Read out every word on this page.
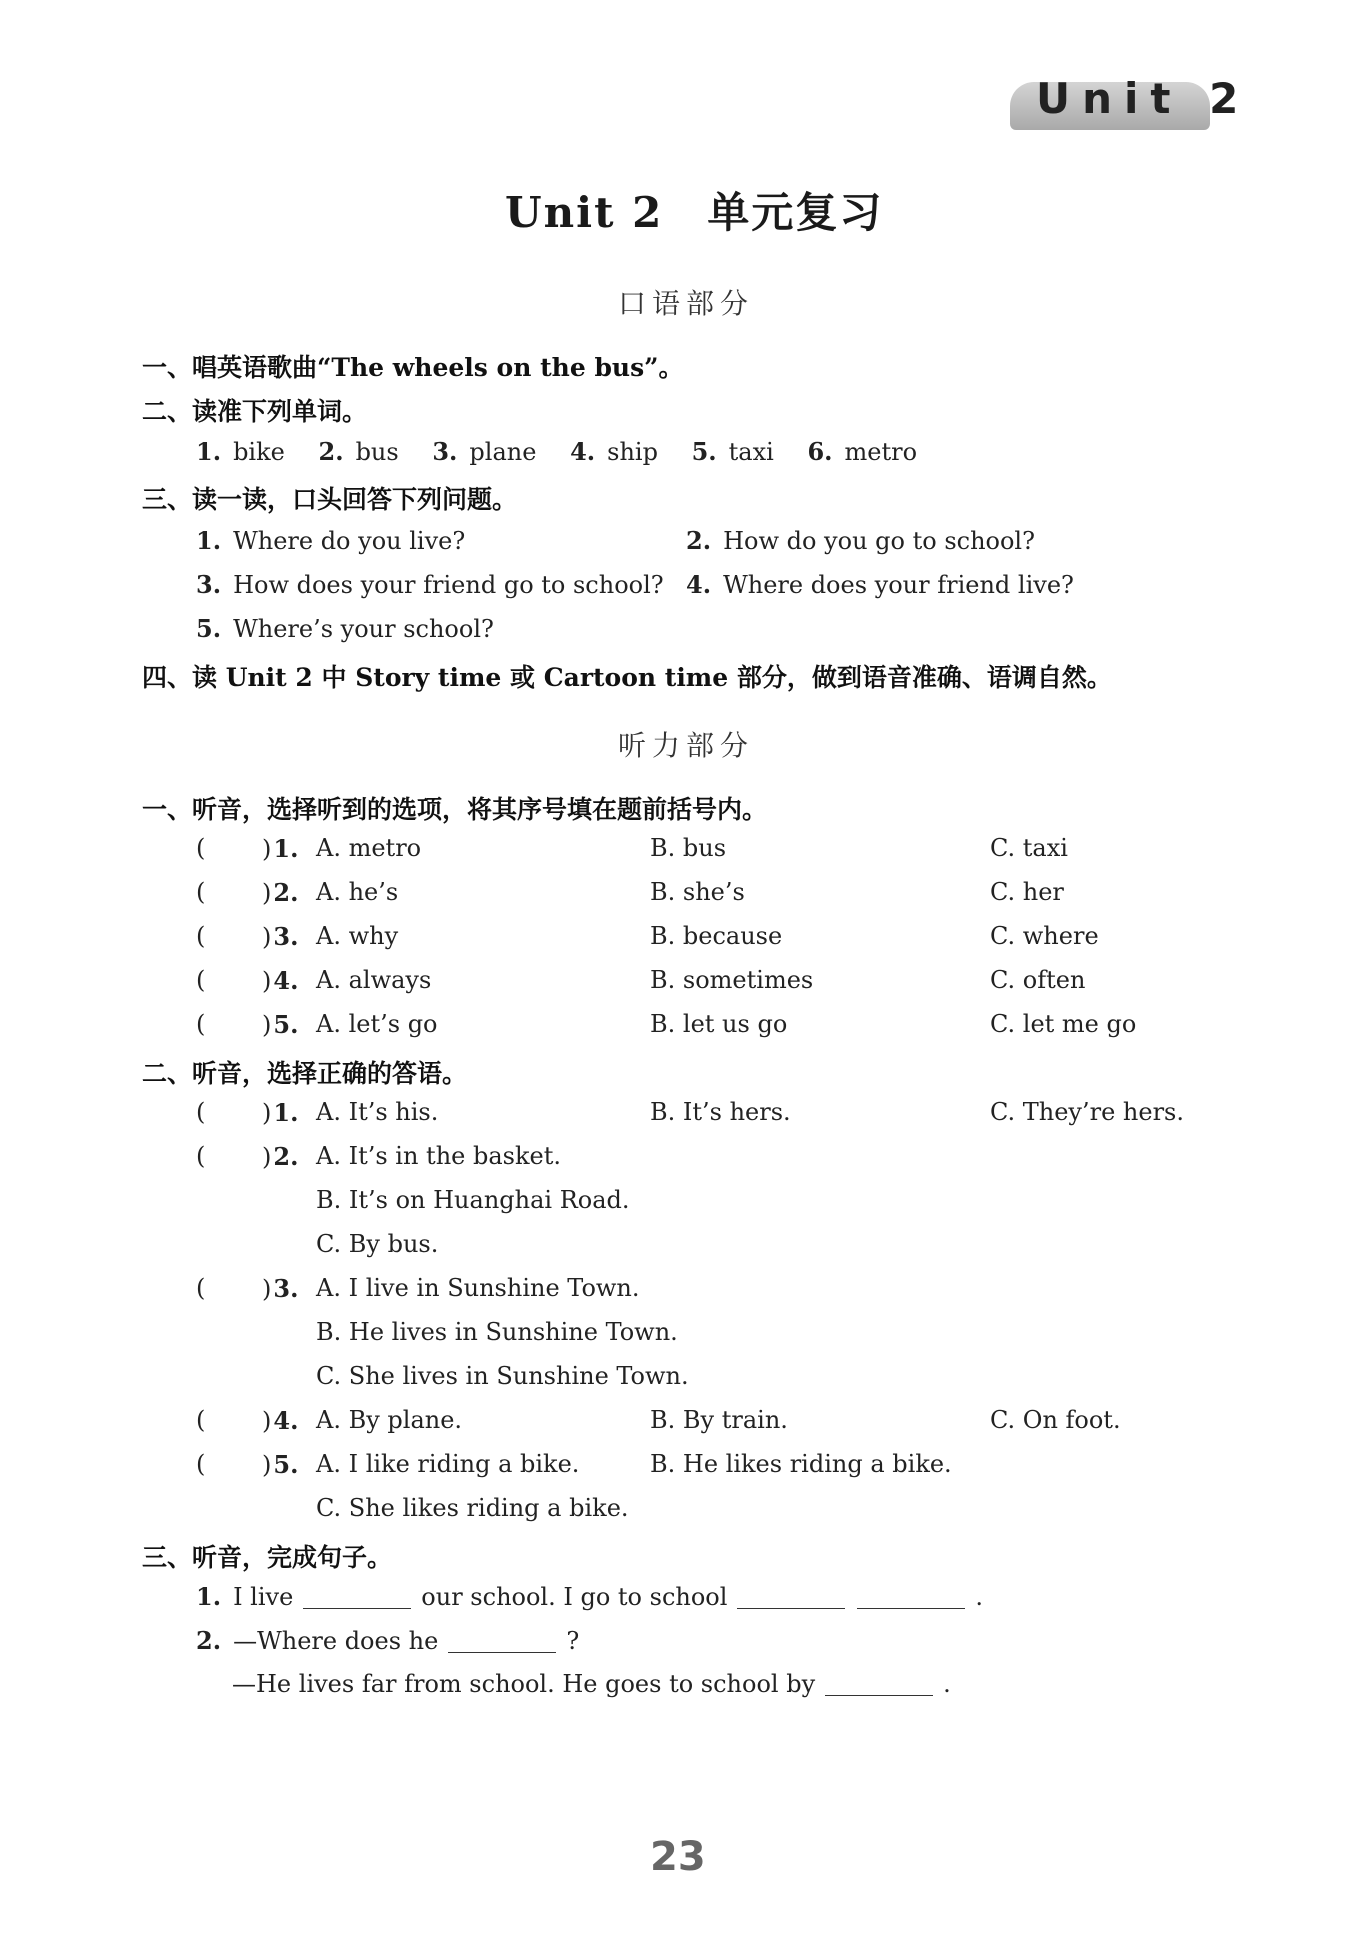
Unit 2
Unit 2　单元复习
口语部分
一、唱英语歌曲“The wheels on the bus”。
二、读准下列单词。
1. bike 2. bus 3. plane 4. ship 5. taxi 6. metro
三、读一读，口头回答下列问题。
1. Where do you live?	2. How do you go to school?
3. How does your friend go to school? 4. Where does your friend live?
5. Where’s your school?
四、读 Unit 2 中 Story time 或 Cartoon time 部分，做到语音准确、语调自然。
听力部分
一、听音，选择听到的选项，将其序号填在题前括号内。
( )1. A. metro	B. bus	C. taxi
( )2. A. he’s	B. she’s	C. her
( )3. A. why	B. because	C. where
( )4. A. always	B. sometimes	C. often
( )5. A. let’s go	B. let us go	C. let me go
二、听音，选择正确的答语。
( )1. A. It’s his.	B. It’s hers.	C. They’re hers.
( )2. A. It’s in the basket.
B. It’s on Huanghai Road.
C. By bus.
( )3. A. I live in Sunshine Town.
B. He lives in Sunshine Town.
C. She lives in Sunshine Town.
( )4. A. By plane.	B. By train.	C. On foot.
( )5. A. I like riding a bike.	B. He likes riding a bike.
C. She likes riding a bike.
三、听音，完成句子。
1. I live	our school. I go to school	.
2. —Where does he	?
—He lives far from school. He goes to school by	.
23
